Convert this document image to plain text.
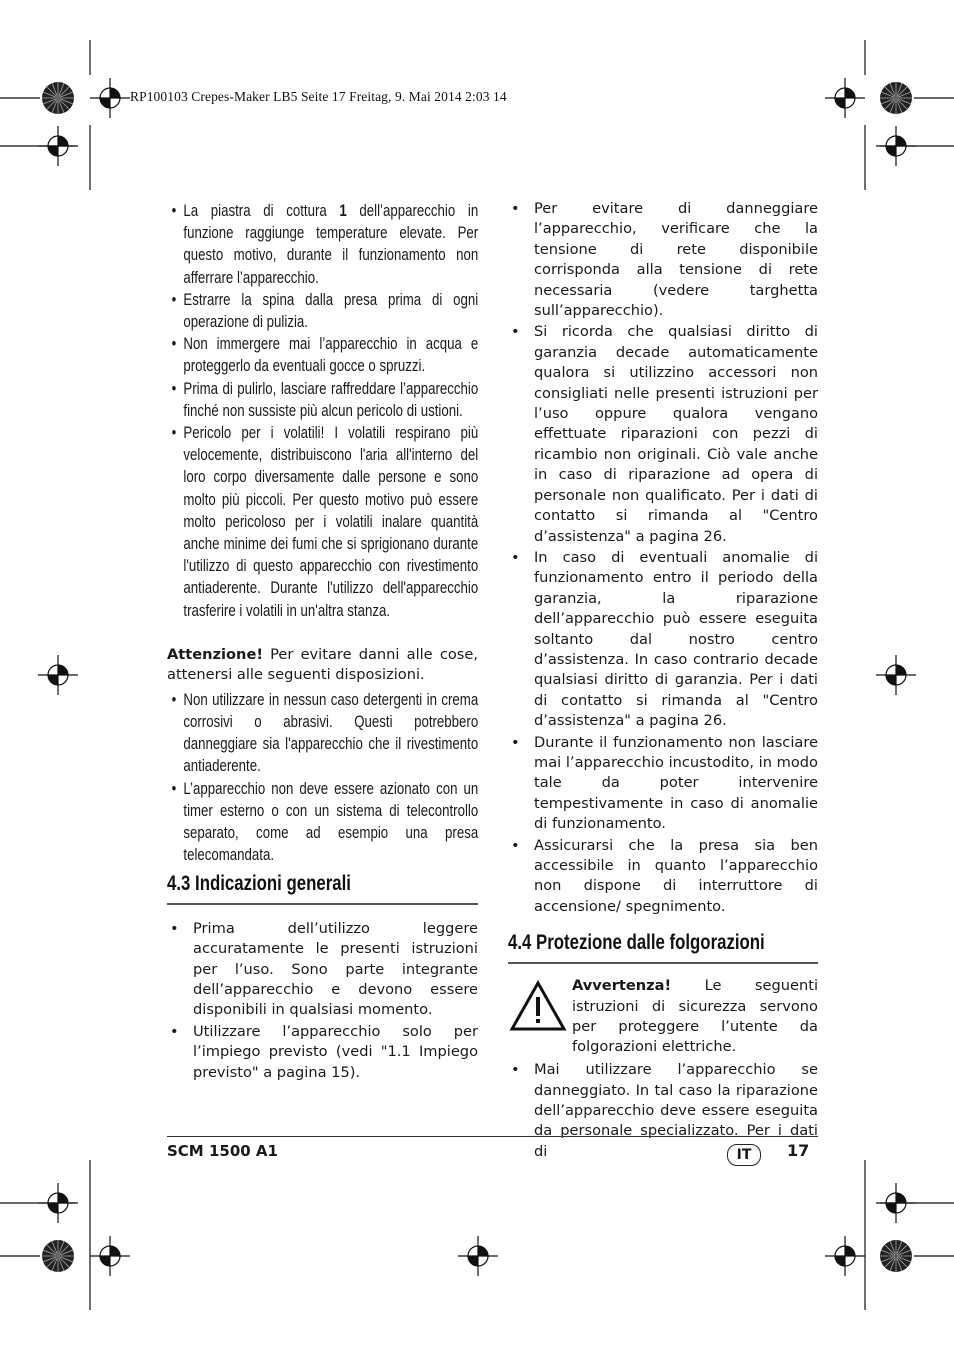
RP100103 Crepes-Maker LB5 Seite 17 Freitag, 9. Mai 2014 2:03 14
• La piastra di cottura 1 dell’apparecchio in funzione raggiunge temperature elevate. Per questo motivo, durante il funzionamento non afferrare l’apparecchio.
• Estrarre la spina dalla presa prima di ogni operazione di pulizia.
• Non immergere mai l’apparecchio in acqua e proteggerlo da eventuali gocce o spruzzi.
• Prima di pulirlo, lasciare raffreddare l’apparecchio finché non sussiste più alcun pericolo di ustioni.
• Pericolo per i volatili! I volatili respirano più velocemente, distribuiscono l'aria all'interno del loro corpo diversamente dalle persone e sono molto più piccoli. Per questo motivo può essere molto pericoloso per i volatili inalare quantità anche minime dei fumi che si sprigionano durante l'utilizzo di questo apparecchio con rivestimento antiaderente. Durante l'utilizzo dell'apparecchio trasferire i volatili in un'altra stanza.

Attenzione! Per evitare danni alle cose, attenersi alle seguenti disposizioni.

• Non utilizzare in nessun caso detergenti in crema corrosivi o abrasivi. Questi potrebbero danneggiare sia l'apparecchio che il rivestimento antiaderente.
• L’apparecchio non deve essere azionato con un timer esterno o con un sistema di telecontrollo separato, come ad esempio una presa telecomandata.
4.3 Indicazioni generali
• Prima dell’utilizzo leggere accuratamente le presenti istruzioni per l’uso. Sono parte integrante dell’apparecchio e devono essere disponibili in qualsiasi momento.
• Utilizzare l’apparecchio solo per l’impiego previsto (vedi "1.1 Impiego previsto" a pagina 15).
• Per evitare di danneggiare l’apparecchio, verificare che la tensione di rete disponibile corrisponda alla tensione di rete necessaria (vedere targhetta sull’apparecchio).
• Si ricorda che qualsiasi diritto di garanzia decade automaticamente qualora si utilizzino accessori non consigliati nelle presenti istruzioni per l’uso oppure qualora vengano effettuate riparazioni con pezzi di ricambio non originali. Ciò vale anche in caso di riparazione ad opera di personale non qualificato. Per i dati di contatto si rimanda al "Centro d’assistenza" a pagina 26.
• In caso di eventuali anomalie di funzionamento entro il periodo della garanzia, la riparazione dell’apparecchio può essere eseguita soltanto dal nostro centro d’assistenza. In caso contrario decade qualsiasi diritto di garanzia. Per i dati di contatto si rimanda al "Centro d’assistenza" a pagina 26.
• Durante il funzionamento non lasciare mai l’apparecchio incustodito, in modo tale da poter intervenire tempestivamente in caso di anomalie di funzionamento.
• Assicurarsi che la presa sia ben accessibile in quanto l’apparecchio non dispone di interruttore di accensione/ spegnimento.
4.4 Protezione dalle folgorazioni
Avvertenza! Le seguenti istruzioni di sicurezza servono per proteggere l’utente da folgorazioni elettriche.
• Mai utilizzare l’apparecchio se danneggiato. In tal caso la riparazione dell’apparecchio deve essere eseguita da personale specializzato. Per i dati di
SCM 1500 A1	IT	17
